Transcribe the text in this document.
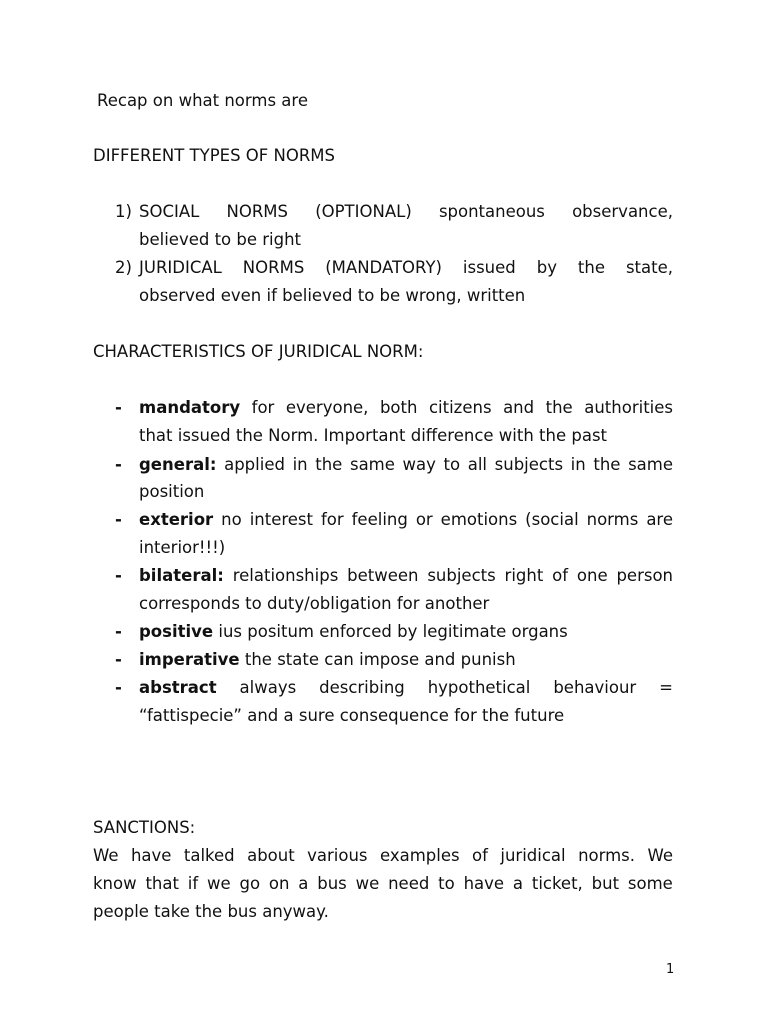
Recap on what norms are
DIFFERENT TYPES OF NORMS
1) SOCIAL NORMS (OPTIONAL) spontaneous observance,
believed to be right
2) JURIDICAL NORMS (MANDATORY) issued by the state,
observed even if believed to be wrong, written
CHARACTERISTICS OF JURIDICAL NORM:
- mandatory for everyone, both citizens and the authorities
that issued the Norm. Important difference with the past
- general: applied in the same way to all subjects in the same
position
- exterior no interest for feeling or emotions (social norms are
interior!!!)
- bilateral: relationships between subjects right of one person
corresponds to duty/obligation for another
- positive ius positum enforced by legitimate organs
- imperative the state can impose and punish
- abstract always describing hypothetical behaviour =
“fattispecie” and a sure consequence for the future
SANCTIONS:
We have talked about various examples of juridical norms. We
know that if we go on a bus we need to have a ticket, but some
people take the bus anyway.
1
